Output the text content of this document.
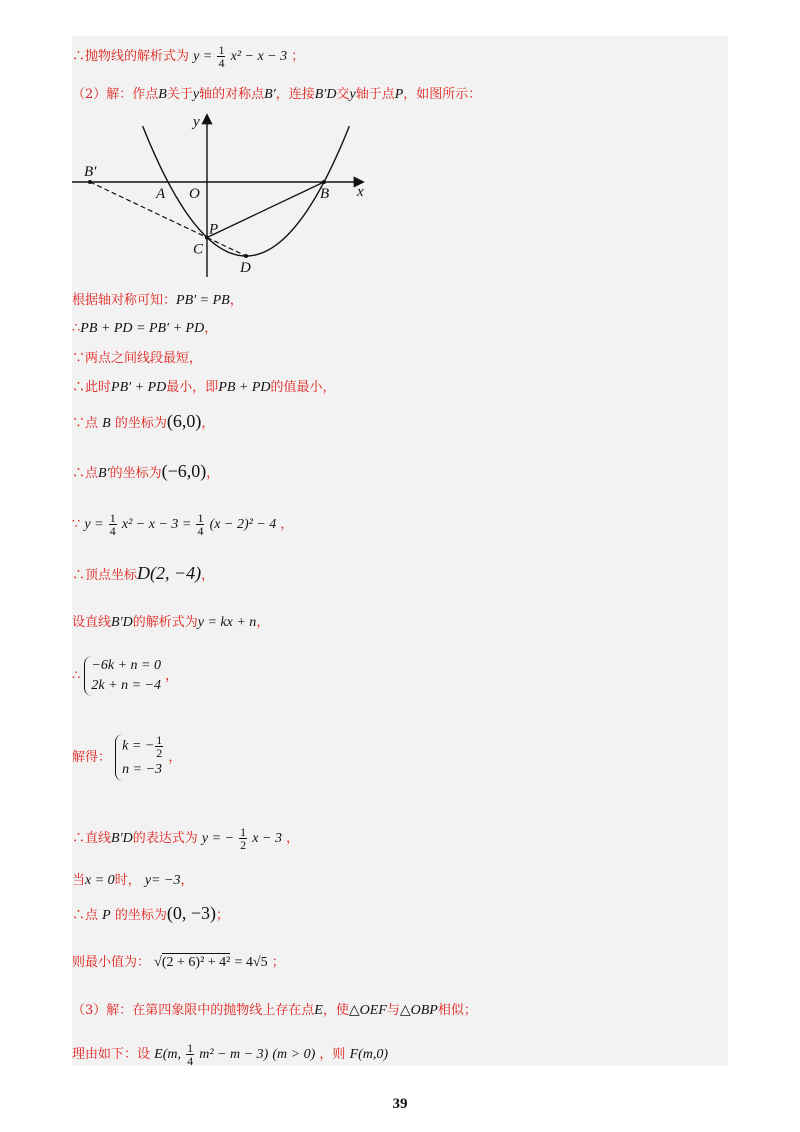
∴抛物线的解析式为 $y = \frac{1}{4} x^2 - x - 3$ ；
（2）解：作点B关于y轴的对称点B′，连接B′D交y轴于点P，如图所示：
y
x
O
A	B
B′
C
P
D
根据轴对称可知：PB′ = PB，
∴PB + PD = PB′ + PD，
∵两点之间线段最短，
∴此时PB′ + PD最小，即PB + PD的值最小，
∵点 B 的坐标为(6,0)，
∴点B′的坐标为(−6,0)，
∵ $y = \frac{1}{4} x^2 - x - 3 = \frac{1}{4} (x - 2)^2 - 4$ ，
∴顶点坐标D(2, −4)，
设直线B′D的解析式为y = kx + n，
∴
−6k + n = 0
2k + n = −4
，
解得：
k = − $\frac{1}{2}$
n = −3
，
∴直线B′D的表达式为 y = − $\frac{1}{2}$ x − 3 ，
当x = 0时， y= −3，
∴点 P 的坐标为(0, −3)；
则最小值为： √(2 + 6)² + 4² = 4√5 ；
（3）解：在第四象限中的抛物线上存在点E，使△OEF与△OBP相似；
理由如下：设 E(m, $\frac{1}{4} m^2 - m - 3$) (m > 0) ，则 F(m,0)
39
